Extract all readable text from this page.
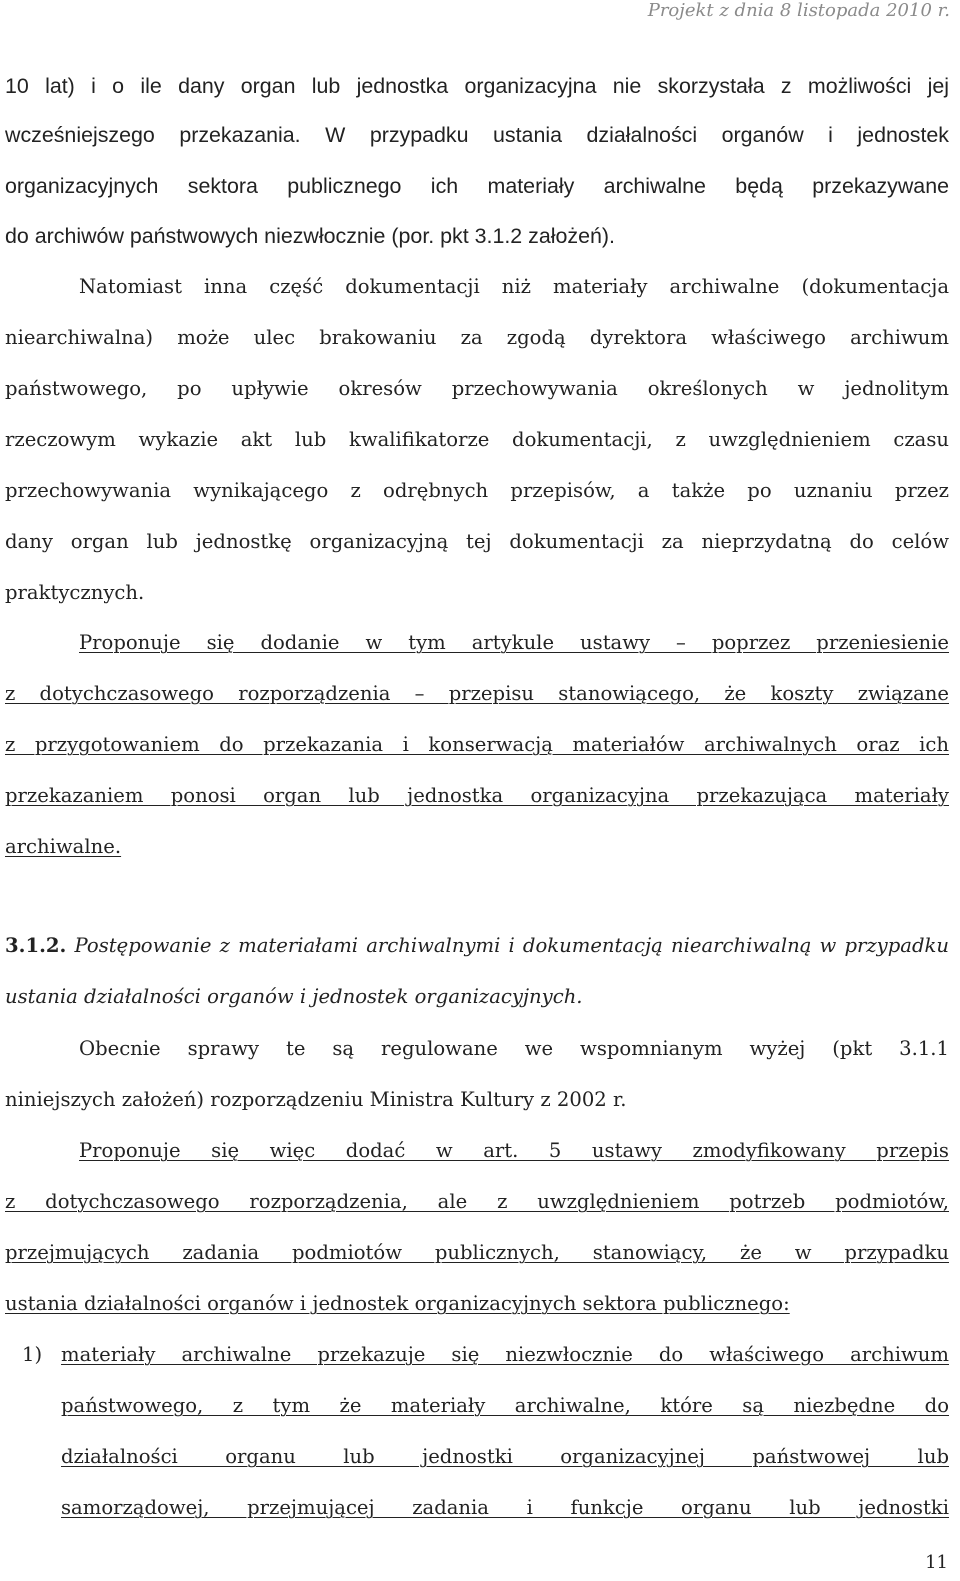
Projekt z dnia 8 listopada 2010 r.
10 lat) i o ile dany organ lub jednostka organizacyjna nie skorzystała z możliwości jej
wcześniejszego przekazania. W przypadku ustania działalności organów i jednostek
organizacyjnych sektora publicznego ich materiały archiwalne będą przekazywane
do archiwów państwowych niezwłocznie (por. pkt 3.1.2 założeń).
Natomiast inna część dokumentacji niż materiały archiwalne (dokumentacja
niearchiwalna) może ulec brakowaniu za zgodą dyrektora właściwego archiwum
państwowego, po upływie okresów przechowywania określonych w jednolitym
rzeczowym wykazie akt lub kwalifikatorze dokumentacji, z uwzględnieniem czasu
przechowywania wynikającego z odrębnych przepisów, a także po uznaniu przez
dany organ lub jednostkę organizacyjną tej dokumentacji za nieprzydatną do celów
praktycznych.
Proponuje się dodanie w tym artykule ustawy – poprzez przeniesienie
z dotychczasowego rozporządzenia – przepisu stanowiącego, że koszty związane
z przygotowaniem do przekazania i konserwacją materiałów archiwalnych oraz ich
przekazaniem ponosi organ lub jednostka organizacyjna przekazująca materiały
archiwalne.
3.1.2. Postępowanie z materiałami archiwalnymi i dokumentacją niearchiwalną w przypadku
ustania działalności organów i jednostek organizacyjnych.
Obecnie sprawy te są regulowane we wspomnianym wyżej (pkt 3.1.1
niniejszych założeń) rozporządzeniu Ministra Kultury z 2002 r.
Proponuje się więc dodać w art. 5 ustawy zmodyfikowany przepis
z dotychczasowego rozporządzenia, ale z uwzględnieniem potrzeb podmiotów,
przejmujących zadania podmiotów publicznych, stanowiący, że w przypadku
ustania działalności organów i jednostek organizacyjnych sektora publicznego:
1) materiały archiwalne przekazuje się niezwłocznie do właściwego archiwum
państwowego, z tym że materiały archiwalne, które są niezbędne do
działalności organu lub jednostki organizacyjnej państwowej lub
samorządowej, przejmującej zadania i funkcje organu lub jednostki
11
